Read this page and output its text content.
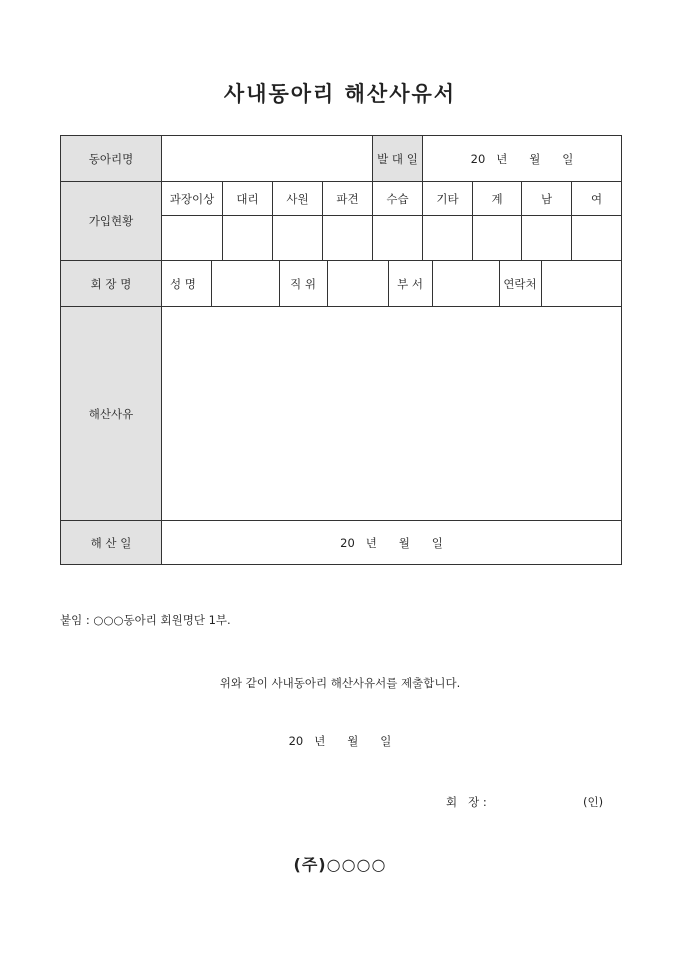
사내동아리 해산사유서
동아리명		발 대 일	20   년      월      일
가입현황	과장이상	대리	사원	파견	수습	기타	계	남	여

회 장 명		성 명		직 위		부 서		연락처	

해산사유	
해 산 일	20   년      월      일
붙임 : ○○○동아리 회원명단 1부.
위와 같이 사내동아리 해산사유서를 제출합니다.
20   년      월      일
회   장 :	(인)
(주)○○○○
